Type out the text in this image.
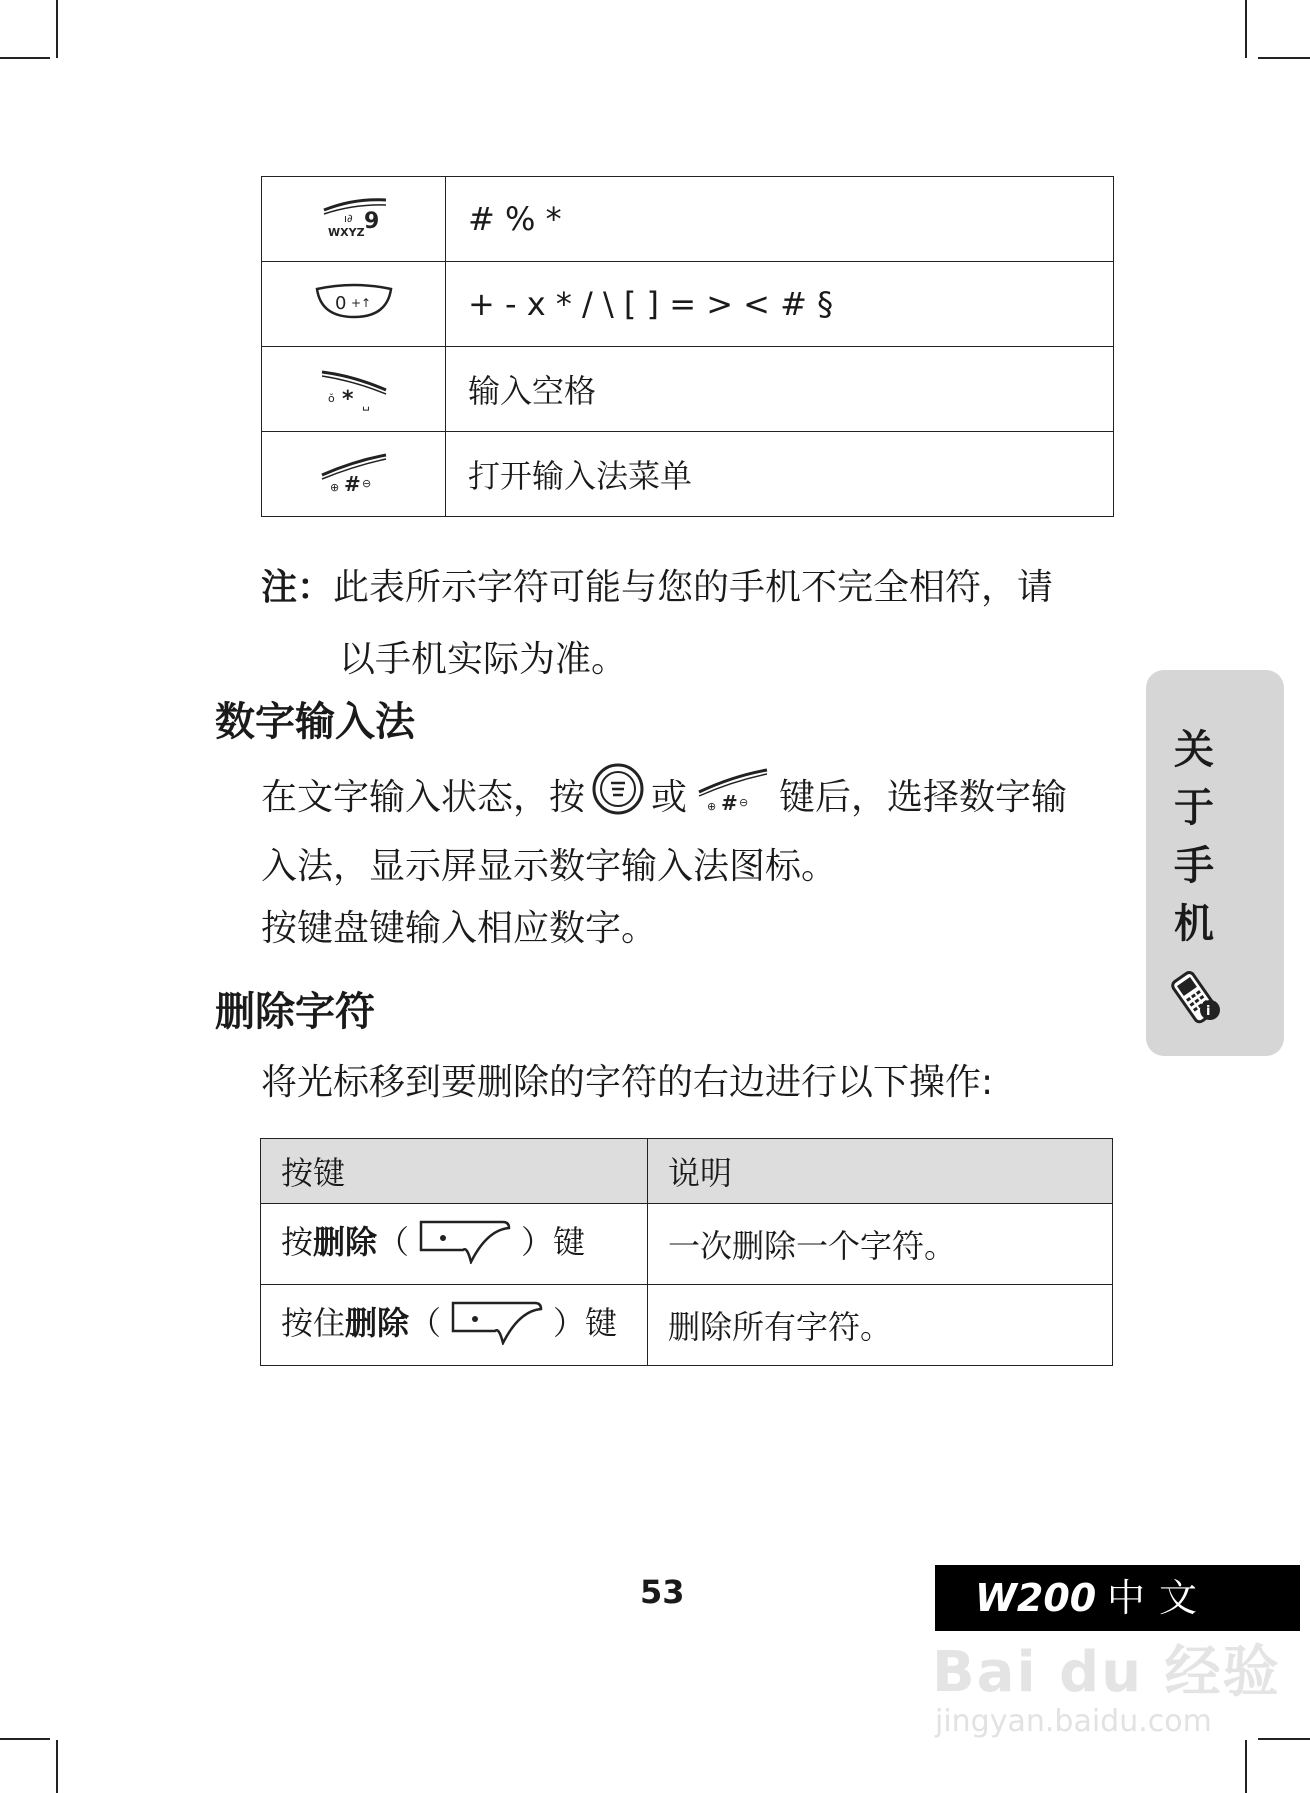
ı∂ 9
WXYZ	# % *

0 +↑	+ - x * / \ [ ] = > < # §

ŏ * ␣	输入空格

⊕ # ⊖	打开输入法菜单
注：此表所示字符可能与您的手机不完全相符，请
以手机实际为准。
数字输入法
在文字输入状态，按 或 ⊕ # ⊖ 键后，选择数字输
入法，显示屏显示数字输入法图标。
按键盘键输入相应数字。
删除字符
将光标移到要删除的字符的右边进行以下操作:
按键	说明
按删除（ ）键	一次删除一个字符。
按住删除（ ）键	删除所有字符。
关
于
手
机
i
53	W200 中文
Bai du 经验
jingyan.baidu.com
